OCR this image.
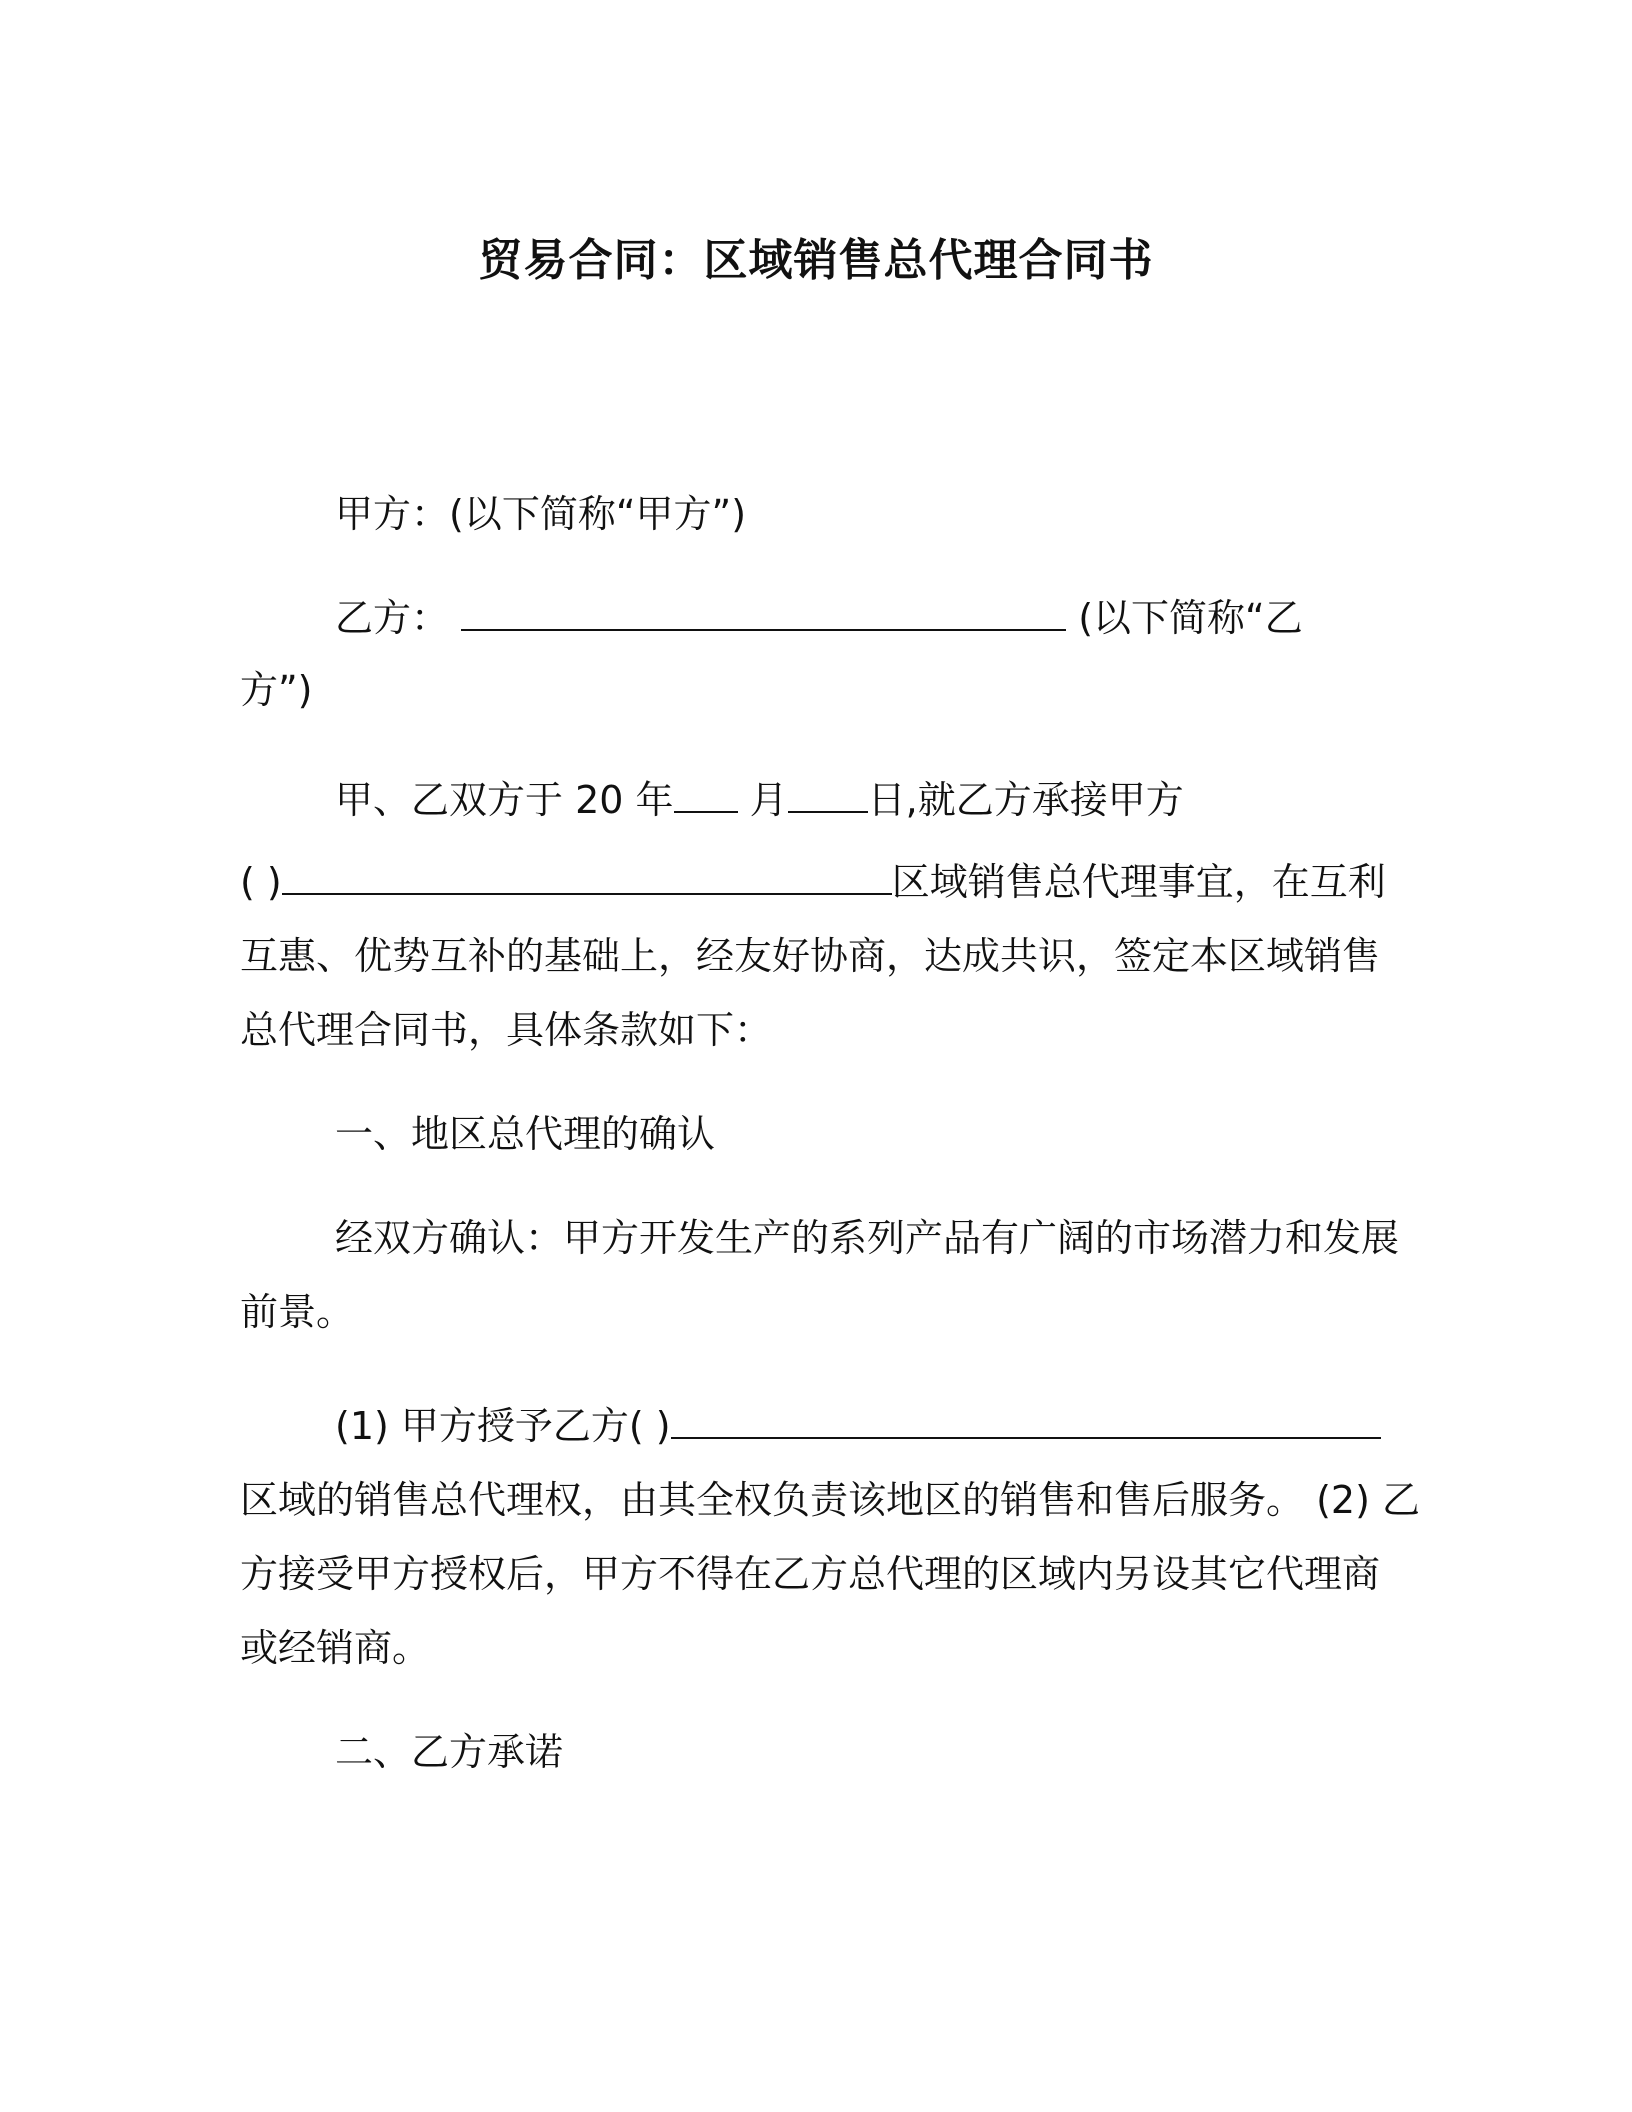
贸易合同：区域销售总代理合同书

甲方：(以下简称“甲方”)

乙方：	(以下简称“乙

方”)

甲、乙双方于 20 年 月 日,就乙方承接甲方

( )	区域销售总代理事宜，在互利

互惠、优势互补的基础上，经友好协商，达成共识，签定本区域销售

总代理合同书，具体条款如下：

一、地区总代理的确认

经双方确认：甲方开发生产的系列产品有广阔的市场潜力和发展

前景。

(1) 甲方授予乙方( )

区域的销售总代理权，由其全权负责该地区的销售和售后服务。 (2) 乙

方接受甲方授权后，甲方不得在乙方总代理的区域内另设其它代理商

或经销商。

二、乙方承诺
